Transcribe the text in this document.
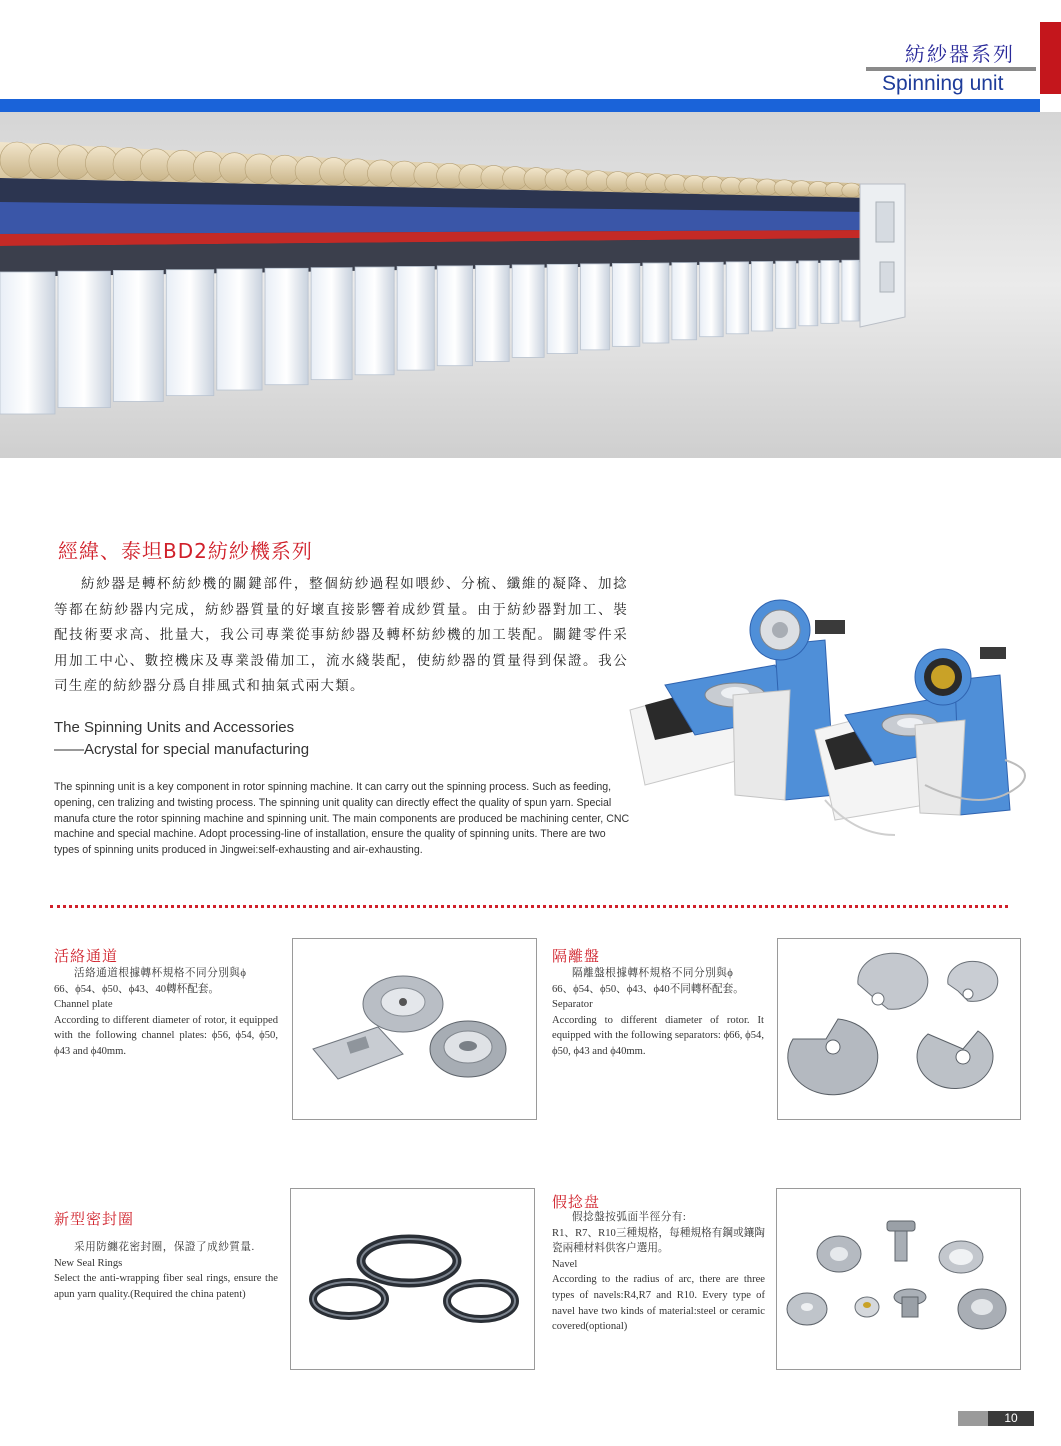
紡紗器系列
Spinning unit
經緯、泰坦BD2紡紗機系列
紡紗器是轉杯紡紗機的關鍵部件，整個紡紗過程如喂紗、分梳、纖維的凝降、加捻等都在紡紗器内完成，紡紗器質量的好壞直接影響着成紗質量。由于紡紗器對加工、裝配技術要求高、批量大，我公司專業從事紡紗器及轉杯紡紗機的加工裝配。關鍵零件采用加工中心、數控機床及專業設備加工，流水綫裝配，使紡紗器的質量得到保證。我公司生産的紡紗器分爲自排風式和抽氣式兩大類。
The Spinning Units and Accessories
——Acrystal for special manufacturing
The spinning unit is a key component in rotor spinning machine. It can carry out the spinning process. Such as feeding, opening, cen tralizing and twisting process. The spinning unit quality can directly effect the quality of spun yarn. Special manufa cture the rotor spinning machine and spinning unit. The main components are produced be machining center, CNC machine and special machine. Adopt processing-line of installation, ensure the quality of spinning units. There are two types of spinning units produced in Jingwei:self-exhausting and air-exhausting.
活絡通道
活絡通道根據轉杯規格不同分別與ϕ
66、ϕ54、ϕ50、ϕ43、40轉杯配套。
Channel plate
According to different diameter of rotor, it equipped with the following channel plates: ϕ56, ϕ54, ϕ50, ϕ43 and ϕ40mm.
隔離盤
隔離盤根據轉杯規格不同分別與ϕ
66、ϕ54、ϕ50、ϕ43、ϕ40不同轉杯配套。
Separator
According to different diameter of rotor. It equipped with the following separators: ϕ66, ϕ54, ϕ50, ϕ43 and ϕ40mm.
新型密封圈
采用防纏花密封圈，保證了成紗質量.
New Seal Rings
Select the anti-wrapping fiber seal rings, ensure the apun yarn quality.(Required the china patent)
假捻盘
假捻盤按弧面半徑分有:
R1、R7、R10三種規格，每種規格有鋼或鑲陶瓷兩種材料供客户選用。
Navel
According to the radius of arc, there are three types of navels:R4,R7 and R10. Every type of navel have two kinds of material:steel or ceramic covered(optional)
10
